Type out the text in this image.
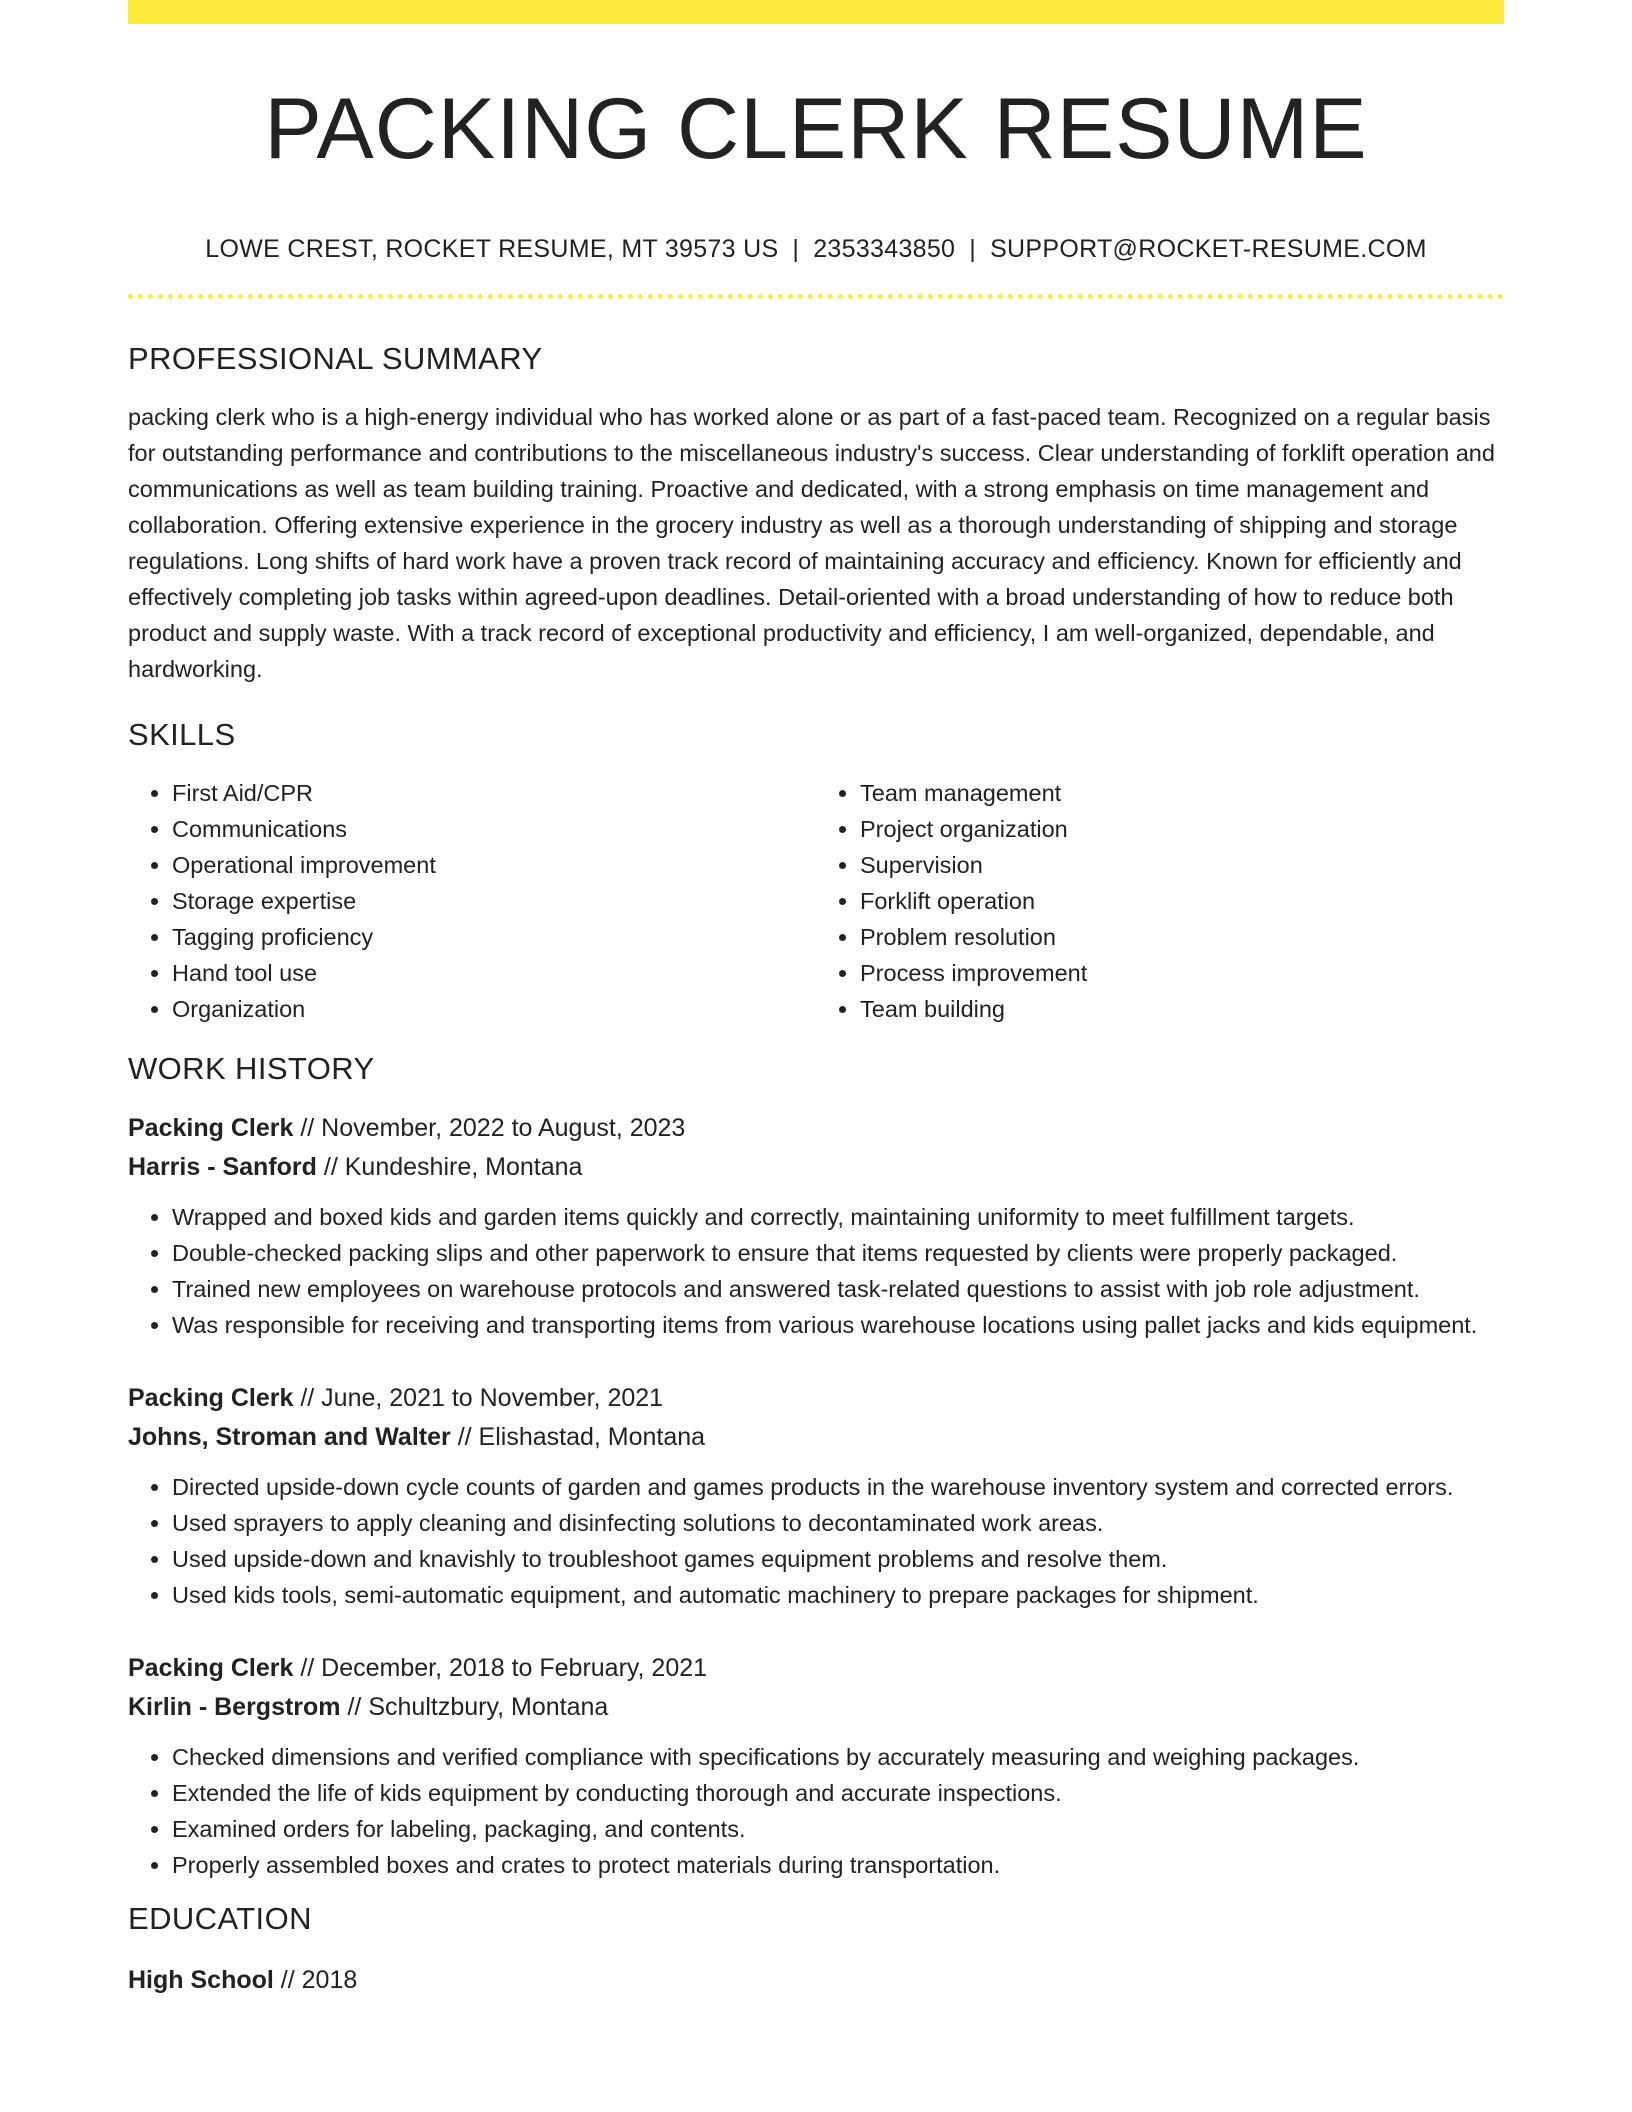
PACKING CLERK RESUME
LOWE CREST, ROCKET RESUME, MT 39573 US | 2353343850 | SUPPORT@ROCKET-RESUME.COM
PROFESSIONAL SUMMARY
packing clerk who is a high-energy individual who has worked alone or as part of a fast-paced team. Recognized on a regular basis for outstanding performance and contributions to the miscellaneous industry's success. Clear understanding of forklift operation and communications as well as team building training. Proactive and dedicated, with a strong emphasis on time management and collaboration. Offering extensive experience in the grocery industry as well as a thorough understanding of shipping and storage regulations. Long shifts of hard work have a proven track record of maintaining accuracy and efficiency. Known for efficiently and effectively completing job tasks within agreed-upon deadlines. Detail-oriented with a broad understanding of how to reduce both product and supply waste. With a track record of exceptional productivity and efficiency, I am well-organized, dependable, and hardworking.
SKILLS
• First Aid/CPR
• Communications
• Operational improvement
• Storage expertise
• Tagging proficiency
• Hand tool use
• Organization
• Team management
• Project organization
• Supervision
• Forklift operation
• Problem resolution
• Process improvement
• Team building
WORK HISTORY
Packing Clerk // November, 2022 to August, 2023
Harris - Sanford // Kundeshire, Montana
• Wrapped and boxed kids and garden items quickly and correctly, maintaining uniformity to meet fulfillment targets.
• Double-checked packing slips and other paperwork to ensure that items requested by clients were properly packaged.
• Trained new employees on warehouse protocols and answered task-related questions to assist with job role adjustment.
• Was responsible for receiving and transporting items from various warehouse locations using pallet jacks and kids equipment.
Packing Clerk // June, 2021 to November, 2021
Johns, Stroman and Walter // Elishastad, Montana
• Directed upside-down cycle counts of garden and games products in the warehouse inventory system and corrected errors.
• Used sprayers to apply cleaning and disinfecting solutions to decontaminated work areas.
• Used upside-down and knavishly to troubleshoot games equipment problems and resolve them.
• Used kids tools, semi-automatic equipment, and automatic machinery to prepare packages for shipment.
Packing Clerk // December, 2018 to February, 2021
Kirlin - Bergstrom // Schultzbury, Montana
• Checked dimensions and verified compliance with specifications by accurately measuring and weighing packages.
• Extended the life of kids equipment by conducting thorough and accurate inspections.
• Examined orders for labeling, packaging, and contents.
• Properly assembled boxes and crates to protect materials during transportation.
EDUCATION
High School // 2018
